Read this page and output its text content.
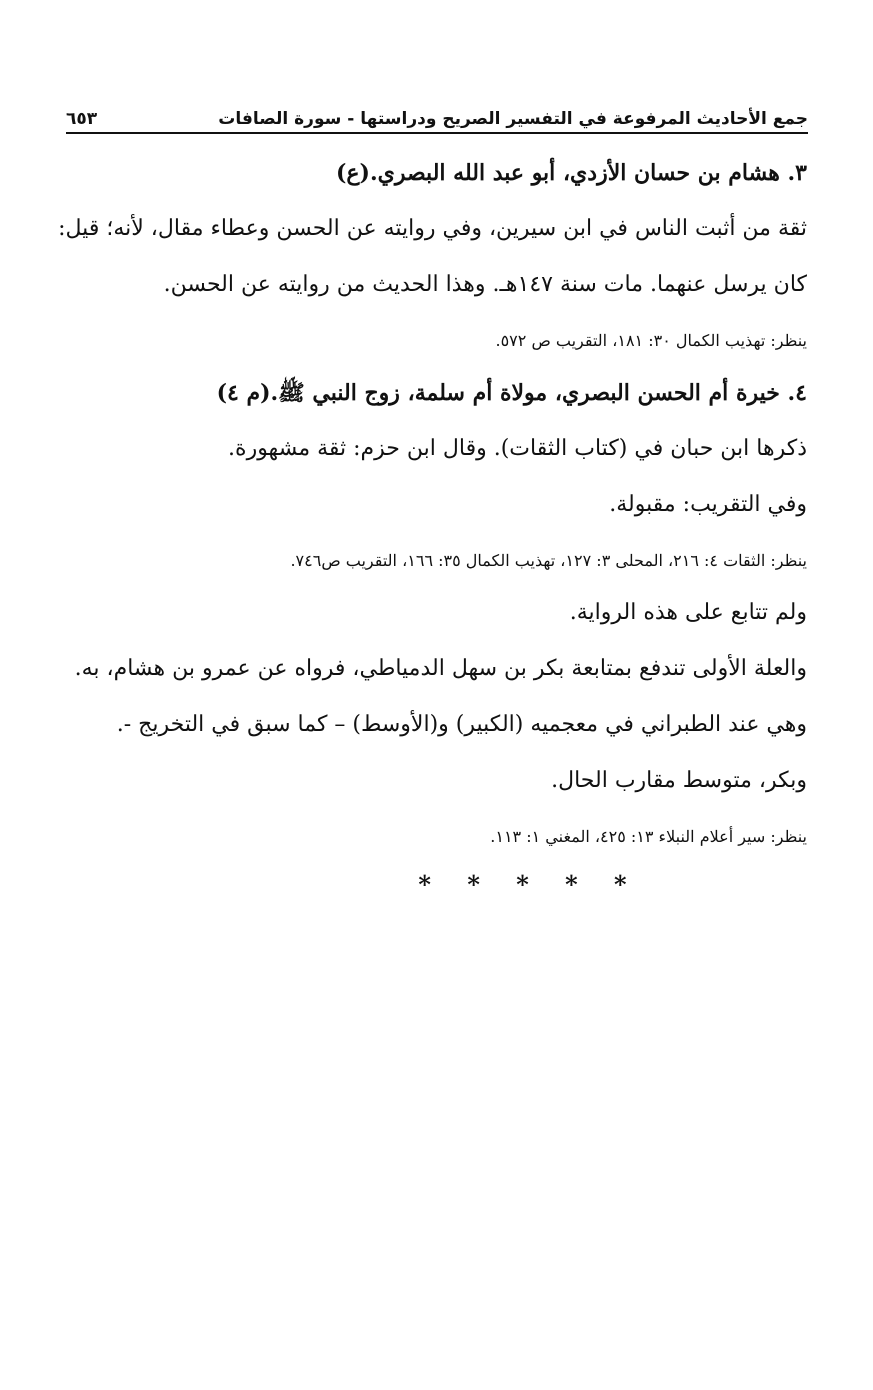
جمع الأحاديث المرفوعة في التفسير الصريح ودراستها - سورة الصافات
٦٥٣
٣. هشام بن حسان الأزدي، أبو عبد الله البصري.(ع)
ثقة من أثبت الناس في ابن سيرين، وفي روايته عن الحسن وعطاء مقال، لأنه؛ قيل:
كان يرسل عنهما. مات سنة ١٤٧هـ. وهذا الحديث من روايته عن الحسن.
ينظر: تهذيب الكمال ٣٠: ١٨١، التقريب ص ٥٧٢.
٤. خيرة أم الحسن البصري، مولاة أم سلمة، زوج النبي ﷺ.(م ٤)
ذكرها ابن حبان في (كتاب الثقات). وقال ابن حزم: ثقة مشهورة.
وفي التقريب: مقبولة.
ينظر: الثقات ٤: ٢١٦، المحلى ٣: ١٢٧، تهذيب الكمال ٣٥: ١٦٦، التقريب ص٧٤٦.
ولم تتابع على هذه الرواية.
والعلة الأولى تندفع بمتابعة بكر بن سهل الدمياطي، فرواه عن عمرو بن هشام، به.
وهي عند الطبراني في معجميه (الكبير) و(الأوسط) – كما سبق في التخريج -.
وبكر، متوسط مقارب الحال.
ينظر: سير أعلام النبلاء ١٣: ٤٢٥، المغني ١: ١١٣.
* * * * *
